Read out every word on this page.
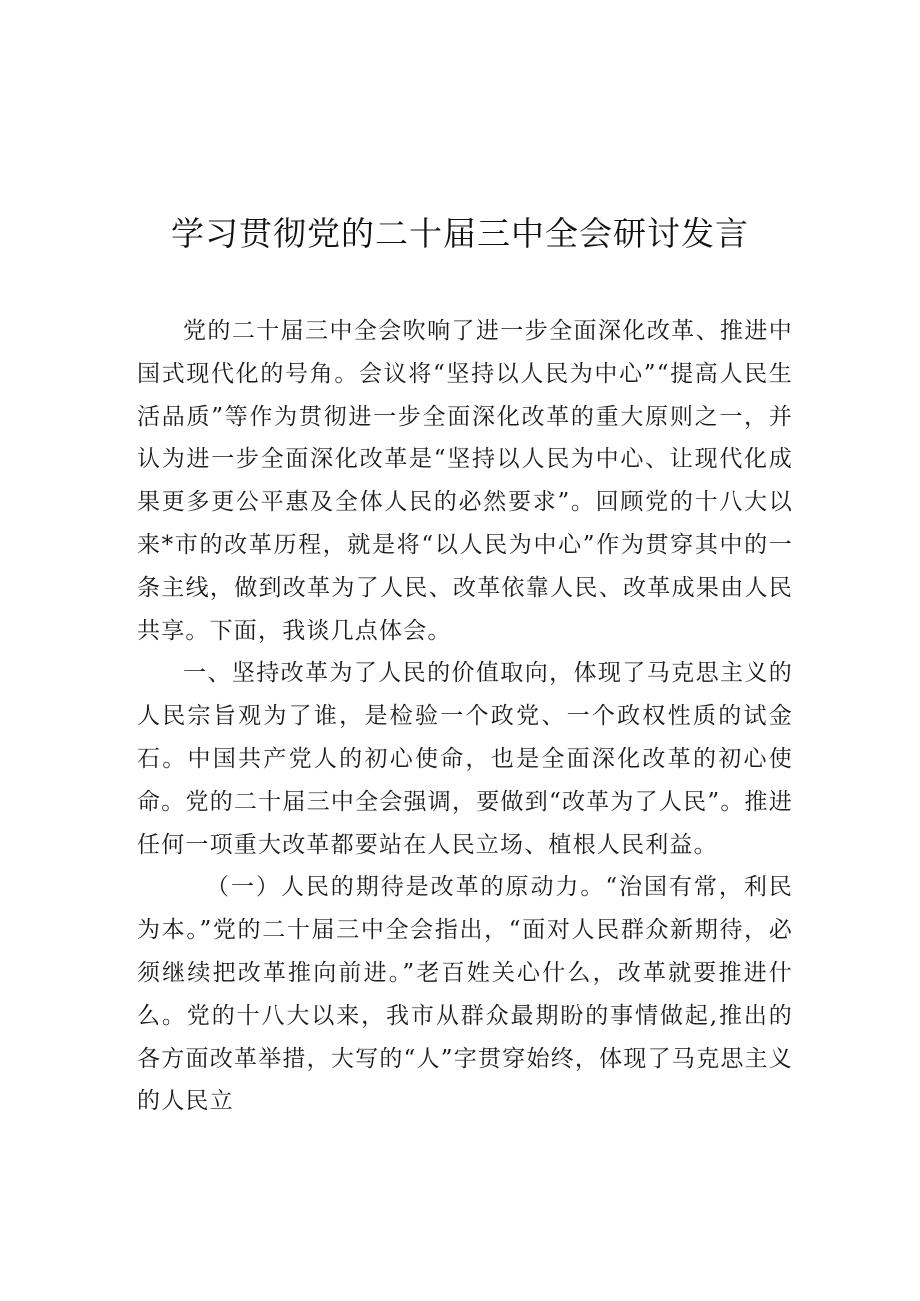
学习贯彻党的二十届三中全会研讨发言

党的二十届三中全会吹响了进一步全面深化改革、推进中国式现代化的号角。会议将“坚持以人民为中心”“提高人民生活品质”等作为贯彻进一步全面深化改革的重大原则之一，并认为进一步全面深化改革是“坚持以人民为中心、让现代化成果更多更公平惠及全体人民的必然要求”。回顾党的十八大以来*市的改革历程，就是将“以人民为中心”作为贯穿其中的一条主线，做到改革为了人民、改革依靠人民、改革成果由人民共享。下面，我谈几点体会。

一、坚持改革为了人民的价值取向，体现了马克思主义的人民宗旨观为了谁，是检验一个政党、一个政权性质的试金石。中国共产党人的初心使命，也是全面深化改革的初心使命。党的二十届三中全会强调，要做到“改革为了人民”。推进任何一项重大改革都要站在人民立场、植根人民利益。

（一）人民的期待是改革的原动力。“治国有常，利民为本。”党的二十届三中全会指出，“面对人民群众新期待，必须继续把改革推向前进。”老百姓关心什么，改革就要推进什么。党的十八大以来，我市从群众最期盼的事情做起,推出的各方面改革举措，大写的“人”字贯穿始终，体现了马克思主义的人民立
